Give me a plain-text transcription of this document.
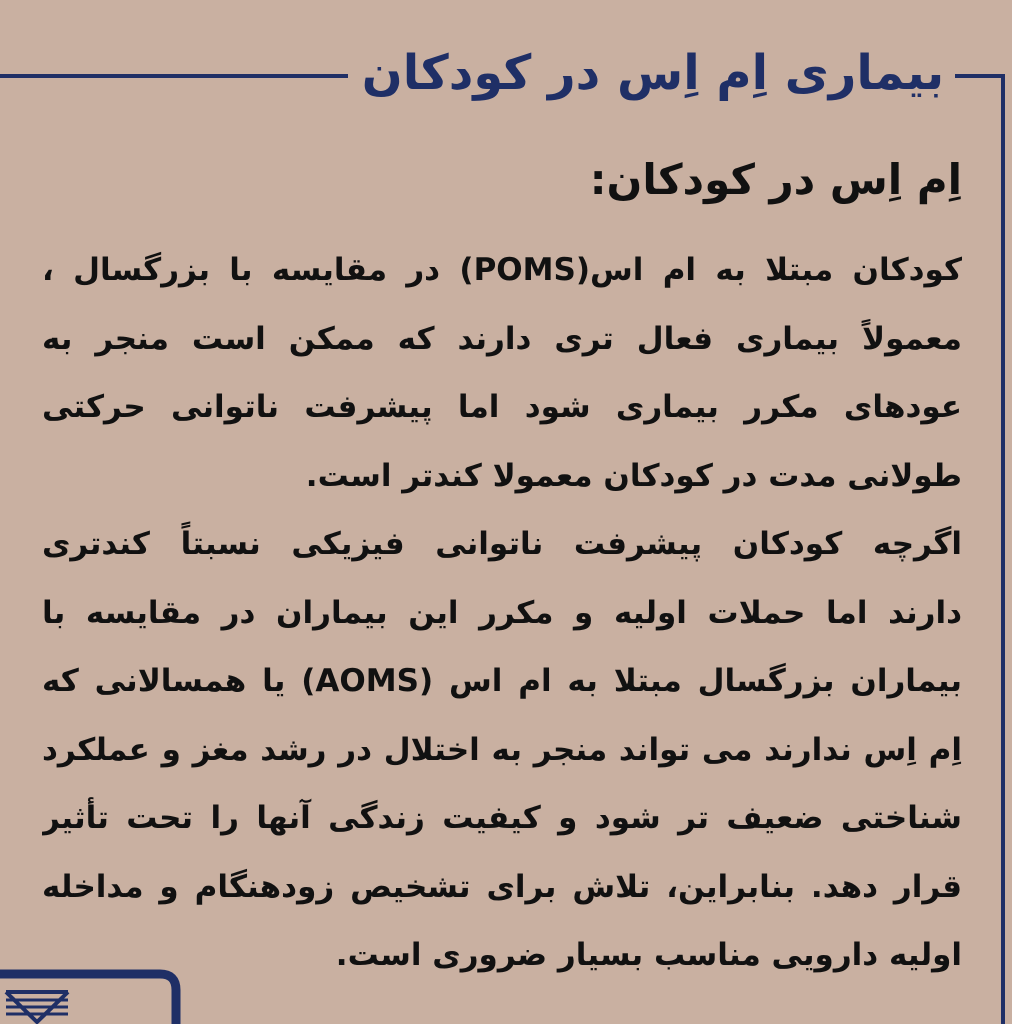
بیماری اِم اِس در کودکان
اِم اِس در کودکان:
کودکان مبتلا به ام اس(POMS) در مقایسه با بزرگسال ،
معمولاً بیماری فعال تری دارند که ممکن است منجر به
عودهای مکرر بیماری شود اما پیشرفت ناتوانی حرکتی
طولانی مدت در کودکان معمولا کندتر است.
اگرچه کودکان پیشرفت ناتوانی فیزیکی نسبتاً کندتری
دارند اما حملات اولیه و مکرر این بیماران در مقایسه با
بیماران بزرگسال مبتلا به ام اس (AOMS) یا همسالانی که
اِم اِس ندارند می تواند منجر به اختلال در رشد مغز و عملکرد
شناختی ضعیف تر شود و کیفیت زندگی آنها را تحت تأثیر
قرار دهد. بنابراین، تلاش برای تشخیص زودهنگام و مداخله
اولیه دارویی مناسب بسیار ضروری است.
